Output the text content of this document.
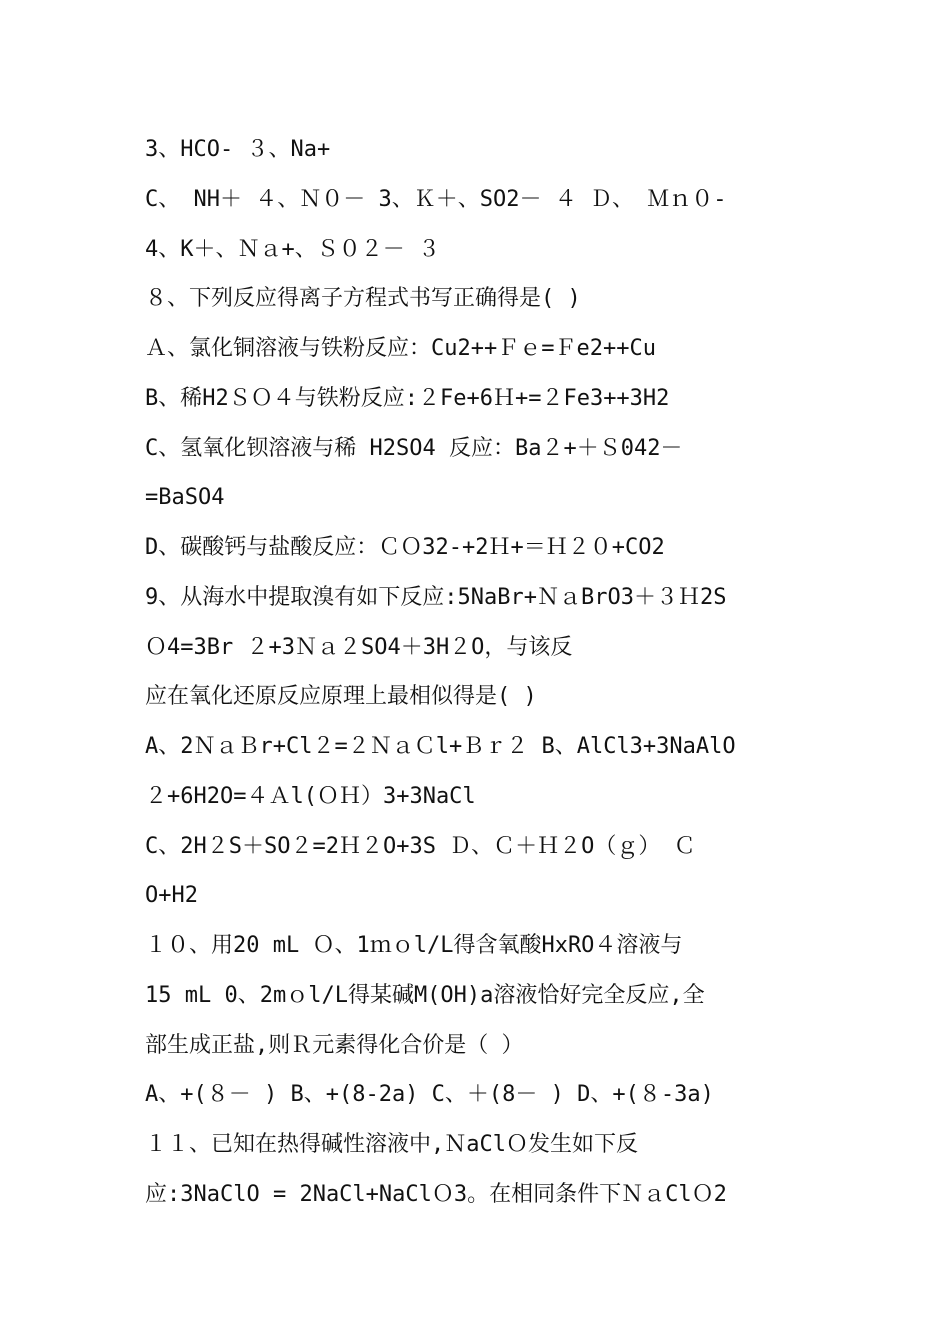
3、HCO- ３、Na+
C、 NH＋ ４、Ｎ０－ 3、Ｋ＋、SO2－ ４ Ｄ、 Ｍｎ０-
4、K＋、Ｎａ+、Ｓ０２－ ３
８、下列反应得离子方程式书写正确得是( )
Ａ、氯化铜溶液与铁粉反应：Cu2++Ｆｅ=Ｆe2++Cu
B、稀H2ＳＯ４与铁粉反应:２Fe+6Ｈ+=２Fe3++3H2
C、氢氧化钡溶液与稀 H2SO4 反应：Ba２+＋Ｓ042－
=BaSO4
D、碳酸钙与盐酸反应：ＣＯ32-+2Ｈ+＝Ｈ２０+CO2
9、从海水中提取溴有如下反应:5NaBr+ＮａBrO3＋３Ｈ2S
Ｏ4=3Br ２+3Ｎａ２SO4＋3H２O，与该反
应在氧化还原反应原理上最相似得是( )
A、2ＮａＢr+Cl２=２ＮａＣl+Ｂｒ２ B、AlCl3+3NaAlO
２+6H2O=４Ａl(ＯＨ）3+3NaCl
C、2H２S＋SO２=2Ｈ２O+3S Ｄ、Ｃ＋Ｈ２O（ｇ） Ｃ
O+H2
１０、用20 mL Ｏ、1ｍｏl/L得含氧酸HxRO４溶液与
15 mL 0、2mｏl/L得某碱M(OH)a溶液恰好完全反应,全
部生成正盐,则Ｒ元素得化合价是（ ）
A、+(８－ ) B、+(8-2a) C、＋(8－ ) D、+(８-3a)
１１、已知在热得碱性溶液中,ＮaClＯ发生如下反
应:3NaClO = 2NaCl+NaClＯ3。在相同条件下ＮａClＯ2
